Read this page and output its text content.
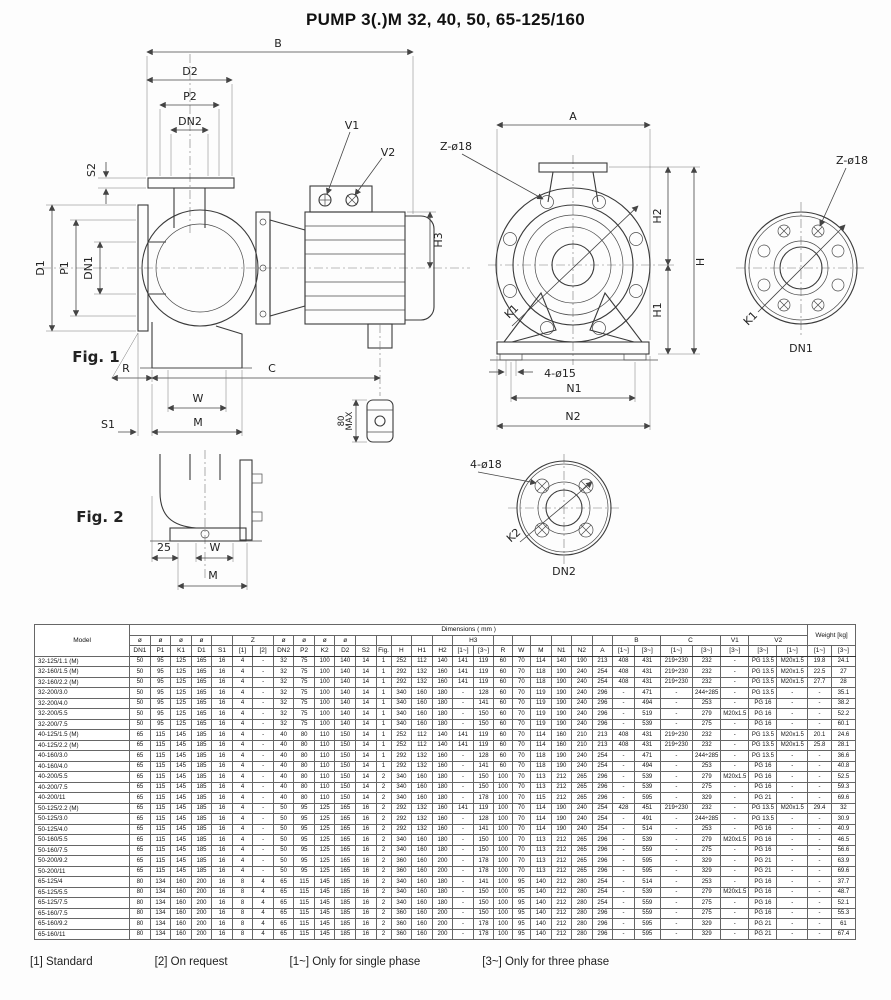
PUMP 3(.)M 32, 40, 50, 65-125/160
B
D2
P2
DN2
S2
V1
V2
D1 P1 DN1
H3
Fig. 1
R	C
W
M
S1	80
MAX
A
Z-ø18
K1
H2
H1
H
4-ø15
N1
N2
Z-ø18
K1
DN1
Fig. 2
25	W
M
4-ø18
K2
DN2
Model	Dimensions ( mm )																															Weight [kg]	
	ø	ø	ø	ø		Z		ø	ø	ø	ø						H3								B		C		V1	V2			
	DN1	P1	K1	D1	S1	[1]	[2]	DN2	P2	K2	D2	S2	Fig.	H	H1	H2	[1~]	[3~]	R	W	M	N1	N2	A	[1~]	[3~]	[1~]	[3~]	[3~]	[3~]	[1~]	[1~]	[3~]
32-125/1.1 (M)	50	95	125	165	16	4	-	32	75	100	140	14	1	252	112	140	141	119	60	70	114	140	190	213	408	431	219÷230	232	-	PG 13.5	M20x1.5	19.8	24.1
32-160/1.5 (M)	50	95	125	165	16	4	-	32	75	100	140	14	1	292	132	160	141	119	60	70	118	190	240	254	408	431	219÷230	232	-	PG 13.5	M20x1.5	22.5	27
32-160/2.2 (M)	50	95	125	165	16	4	-	32	75	100	140	14	1	292	132	160	141	119	60	70	118	190	240	254	408	431	219÷230	232	-	PG 13.5	M20x1.5	27.7	28
32-200/3.0	50	95	125	165	16	4	-	32	75	100	140	14	1	340	160	180	-	128	60	70	119	190	240	296	-	471	-	244÷285	-	PG 13.5	-	-	35.1
32-200/4.0	50	95	125	165	16	4	-	32	75	100	140	14	1	340	160	180	-	141	60	70	119	190	240	296	-	494	-	253	-	PG 16	-	-	38.2
32-200/5.5	50	95	125	165	16	4	-	32	75	100	140	14	1	340	160	180	-	150	60	70	119	190	240	296	-	519	-	279	M20x1.5	PG 16	-	-	52.2
32-200/7.5	50	95	125	165	16	4	-	32	75	100	140	14	1	340	160	180	-	150	60	70	119	190	240	296	-	539	-	275	-	PG 16	-	-	60.1
40-125/1.5 (M)	65	115	145	185	16	4	-	40	80	110	150	14	1	252	112	140	141	119	60	70	114	160	210	213	408	431	219÷230	232	-	PG 13.5	M20x1.5	20.1	24.6
40-125/2.2 (M)	65	115	145	185	16	4	-	40	80	110	150	14	1	252	112	140	141	119	60	70	114	160	210	213	408	431	219÷230	232	-	PG 13.5	M20x1.5	25.8	28.1
40-160/3.0	65	115	145	185	16	4	-	40	80	110	150	14	1	292	132	160	-	128	60	70	118	190	240	254	-	471	-	244÷285	-	PG 13.5	-	-	36.6
40-160/4.0	65	115	145	185	16	4	-	40	80	110	150	14	1	292	132	160	-	141	60	70	118	190	240	254	-	494	-	253	-	PG 16	-	-	40.8
40-200/5.5	65	115	145	185	16	4	-	40	80	110	150	14	2	340	160	180	-	150	100	70	113	212	265	296	-	539	-	279	M20x1.5	PG 16	-	-	52.5
40-200/7.5	65	115	145	185	16	4	-	40	80	110	150	14	2	340	160	180	-	150	100	70	113	212	265	296	-	539	-	275	-	PG 16	-	-	59.3
40-200/11	65	115	145	185	16	4	-	40	80	110	150	14	2	340	160	180	-	178	100	70	115	212	265	296	-	595	-	329	-	PG 21	-	-	69.6
50-125/2.2 (M)	65	115	145	185	16	4	-	50	95	125	165	16	2	292	132	160	141	119	100	70	114	190	240	254	428	451	219÷230	232	-	PG 13.5	M20x1.5	29.4	32
50-125/3.0	65	115	145	185	16	4	-	50	95	125	165	16	2	292	132	160	-	128	100	70	114	190	240	254	-	491	-	244÷285	-	PG 13.5	-	-	30.9
50-125/4.0	65	115	145	185	16	4	-	50	95	125	165	16	2	292	132	160	-	141	100	70	114	190	240	254	-	514	-	253	-	PG 16	-	-	40.9
50-160/5.5	65	115	145	185	16	4	-	50	95	125	165	16	2	340	160	180	-	150	100	70	113	212	265	296	-	539	-	279	M20x1.5	PG 16	-	-	46.5
50-160/7.5	65	115	145	185	16	4	-	50	95	125	165	16	2	340	160	180	-	150	100	70	113	212	265	296	-	559	-	275	-	PG 16	-	-	56.6
50-200/9.2	65	115	145	185	16	4	-	50	95	125	165	16	2	360	160	200	-	178	100	70	113	212	265	296	-	595	-	329	-	PG 21	-	-	63.9
50-200/11	65	115	145	185	16	4	-	50	95	125	165	16	2	360	160	200	-	178	100	70	113	212	265	296	-	595	-	329	-	PG 21	-	-	69.6
65-125/4	80	134	160	200	16	8	4	65	115	145	185	16	2	340	160	180	-	141	100	95	140	212	280	254	-	514	-	253	-	PG 16	-	-	37.7
65-125/5.5	80	134	160	200	16	8	4	65	115	145	185	16	2	340	160	180	-	150	100	95	140	212	280	254	-	539	-	279	M20x1.5	PG 16	-	-	48.7
65-125/7.5	80	134	160	200	16	8	4	65	115	145	185	16	2	340	160	180	-	150	100	95	140	212	280	254	-	559	-	275	-	PG 16	-	-	52.1
65-160/7.5	80	134	160	200	16	8	4	65	115	145	185	16	2	360	160	200	-	150	100	95	140	212	280	296	-	559	-	275	-	PG 16	-	-	55.3
65-160/9.2	80	134	160	200	16	8	4	65	115	145	185	16	2	360	160	200	-	178	100	95	140	212	280	296	-	595	-	329	-	PG 21	-	-	61
65-160/11	80	134	160	200	16	8	4	65	115	145	185	16	2	360	160	200	-	178	100	95	140	212	280	296	-	595	-	329	-	PG 21	-	-	67.4
[1] Standard	[2] On request	[1~] Only for single phase	[3~] Only for three phase
